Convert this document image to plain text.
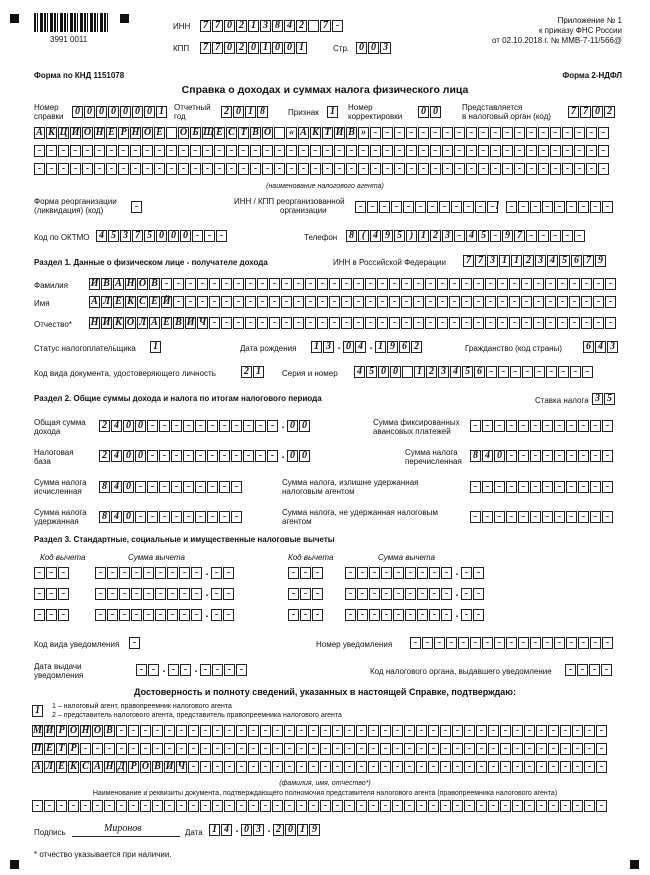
3991 0011
ИНН	7 7 0 2 1 3 8 4 2	7 -
КПП	7 7 0 2 0 1 0 0 1	Стр. 0 0 3
Приложение № 1
к приказу ФНС России
от 02.10.2018 г. № ММВ-7-11/566@
Форма по КНД 1151078	Форма 2-НДФЛ
Справка о доходах и суммах налога физического лица
Номер
справки	0 0 0 0 0 0 0 1	Отчетный
год	2 0 1 8	Признак	1	Номер
корректировки	0 0	Представляется
в налоговый орган (код)	7 7 0 2
А К Ц И О Н Е Р Н О Е О Б Щ Е С Т В О	« А К Т И В » - - - - - - - - - - - - - - - - - - - -
- - - - - - - - - - - - - - - - - - - - - - - - - - - - - - - - - - - - - - - - - - - - - - - -
- - - - - - - - - - - - - - - - - - - - - - - - - - - - - - - - - - - - - - - - - - - - - - - -
(наименование налогового агента)
Форма реорганизации
(ликвидация) (код)	-	ИНН / КПП реорганизованной
организации	- - - - - - - - - - - - /	- - - - - - - - -
Код по ОКТМО 4 5 3 7 5 0 0 0 - - -	Телефон	8 ( 4 9 5 ) 1 2 3 - 4 5 - 9 7 - - - - -
Раздел 1. Данные о физическом лице - получателе дохода	ИНН в Российской Федерации	7 7 3 1 1 2 3 4 5 6 7 9
Фамилия И В А Н О В - - - - - - - - - - - - - - - - - - - - - - - - - - - - - - - - - - - - - -
Имя	А Л Е К С Е Й - - - - - - - - - - - - - - - - - - - - - - - - - - - - - - - - - - - - -
Отчество* Н И К О Л А Е В И Ч - - - - - - - - - - - - - - - - - - - - - - - - - - - - - - - - - -
Статус налогоплательщика	1	Дата рождения	1 3 . 0 4 . 1 9 6 2	Гражданство (код страны)	6 4 3
Код вида документа, удостоверяющего личность	2 1	Серия и номер	4 5 0 0	1 2 3 4 5 6 - - - - - - - - -
Раздел 2. Общие суммы дохода и налога по итогам налогового периода	Ставка налога 3 5
Общая сумма
дохода
2 4 0 0 - - - - - - - - - - - . 0 0	Сумма фиксированных
авансовых платежей
- - - - - - - - - - - -
Налоговая
база
2 4 0 0 - - - - - - - - - - - . 0 0	Сумма налога
перечисленная
8 4 0 - - - - - - - - -
Сумма налога
исчисленная	8 4 0 - - - - - - - - -	Сумма налога, излишне удержанная
налоговым агентом	- - - - - - - - - - - -
Сумма налога
удержанная	8 4 0 - - - - - - - - -	Сумма налога, не удержанная налоговым
агентом	- - - - - - - - - - - -
Раздел 3. Стандартные, социальные и имущественные налоговые вычеты
Код вычета	Сумма вычета	Код вычета	Сумма вычета
- - -	- - - - - - - - - . - -	- - -	- - - - - - - - - . - -
- - -	- - - - - - - - - . - -	- - -	- - - - - - - - - . - -
- - -	- - - - - - - - - . - -	- - -	- - - - - - - - - . - -
Код вида уведомления	-	Номер уведомления	- - - - - - - - - - - - - - - - -
Дата выдачи
уведомления
- - . - - . - - - -	Код налогового органа, выдавшего уведомление	- - - -
Достоверность и полноту сведений, указанных в настоящей Справке, подтверждаю:
1	1 – налоговый агент, правопреемник налогового агента
2 – представитель налогового агента, представитель правопреемника налогового агента
М И Р О Н О В - - - - - - - - - - - - - - - - - - - - - - - - - - - - - - - - - - - - - - - - -
П Е Т Р - - - - - - - - - - - - - - - - - - - - - - - - - - - - - - - - - - - - - - - - - - - -
А Л Е К С А Н Д Р О В И Ч - - - - - - - - - - - - - - - - - - - - - - - - - - - - - - - - - - -
(фамилия, имя, отчество*)
Наименование и реквизиты документа, подтверждающего полномочия представителя налогового агента (правопреемника налогового агента)
- - - - - - - - - - - - - - - - - - - - - - - - - - - - - - - - - - - - - - - - - - - - - - - -
Подпись	Миронов	Дата 1 4 . 0 3 . 2 0 1 9
* отчество указывается при наличии.
